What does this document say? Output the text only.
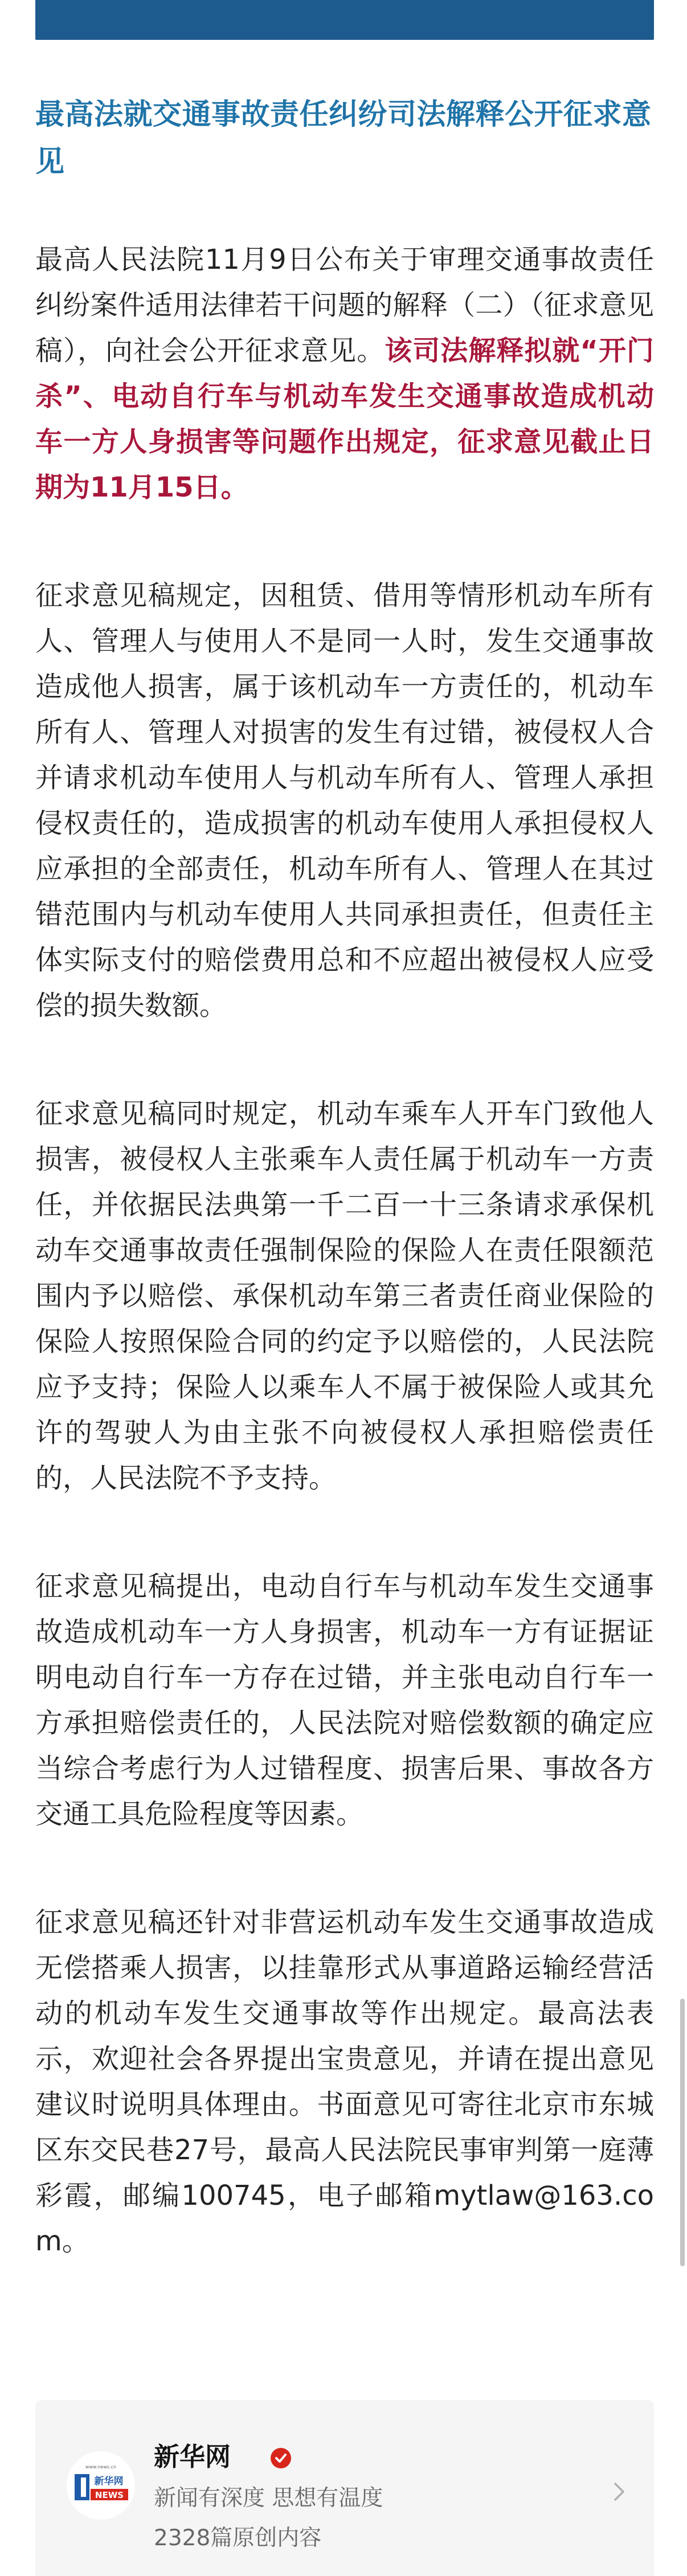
最高法就交通事故责任纠纷司法解释公开征求意见

最高人民法院11月9日公布关于审理交通事故责任纠纷案件适用法律若干问题的解释（二）（征求意见稿），向社会公开征求意见。该司法解释拟就“开门杀”、电动自行车与机动车发生交通事故造成机动车一方人身损害等问题作出规定，征求意见截止日期为11月15日。

征求意见稿规定，因租赁、借用等情形机动车所有人、管理人与使用人不是同一人时，发生交通事故造成他人损害，属于该机动车一方责任的，机动车所有人、管理人对损害的发生有过错，被侵权人合并请求机动车使用人与机动车所有人、管理人承担侵权责任的，造成损害的机动车使用人承担侵权人应承担的全部责任，机动车所有人、管理人在其过错范围内与机动车使用人共同承担责任，但责任主体实际支付的赔偿费用总和不应超出被侵权人应受偿的损失数额。

征求意见稿同时规定，机动车乘车人开车门致他人损害，被侵权人主张乘车人责任属于机动车一方责任，并依据民法典第一千二百一十三条请求承保机动车交通事故责任强制保险的保险人在责任限额范围内予以赔偿、承保机动车第三者责任商业保险的保险人按照保险合同的约定予以赔偿的，人民法院应予支持；保险人以乘车人不属于被保险人或其允许的驾驶人为由主张不向被侵权人承担赔偿责任的，人民法院不予支持。

征求意见稿提出，电动自行车与机动车发生交通事故造成机动车一方人身损害，机动车一方有证据证明电动自行车一方存在过错，并主张电动自行车一方承担赔偿责任的，人民法院对赔偿数额的确定应当综合考虑行为人过错程度、损害后果、事故各方交通工具危险程度等因素。

征求意见稿还针对非营运机动车发生交通事故造成无偿搭乘人损害，以挂靠形式从事道路运输经营活动的机动车发生交通事故等作出规定。最高法表示，欢迎社会各界提出宝贵意见，并请在提出意见建议时说明具体理由。书面意见可寄往北京市东城区东交民巷27号，最高人民法院民事审判第一庭薄彩霞，邮编100745，电子邮箱mytlaw@163.com。

www.news.cn
新华网
NEWS
新华网
新闻有深度 思想有温度
2328篇原创内容
